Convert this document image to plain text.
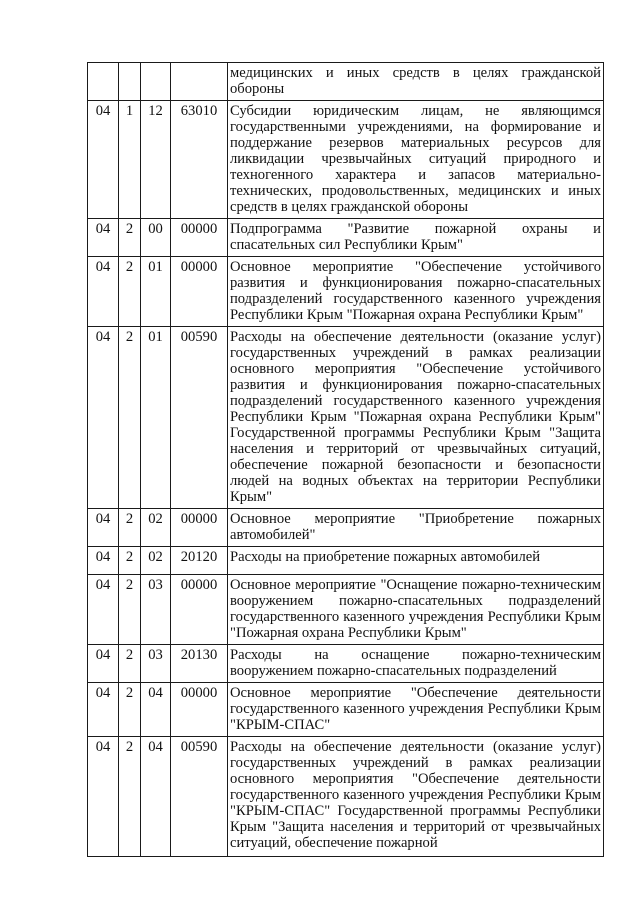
				медицинских и иных средств в целях гражданской обороны
04	1	12	63010	Субсидии юридическим лицам, не являющимся государственными учреждениями, на формирование и поддержание резервов материальных ресурсов для ликвидации чрезвычайных ситуаций природного и техногенного характера и запасов материально-технических, продовольственных, медицинских и иных средств в целях гражданской обороны
04	2	00	00000	Подпрограмма "Развитие пожарной охраны и спасательных сил Республики Крым"
04	2	01	00000	Основное мероприятие "Обеспечение устойчивого развития и функционирования пожарно-спасательных подразделений государственного казенного учреждения Республики Крым "Пожарная охрана Республики Крым"
04	2	01	00590	Расходы на обеспечение деятельности (оказание услуг) государственных учреждений в рамках реализации основного мероприятия "Обеспечение устойчивого развития и функционирования пожарно-спасательных подразделений государственного казенного учреждения Республики Крым "Пожарная охрана Республики Крым" Государственной программы Республики Крым "Защита населения и территорий от чрезвычайных ситуаций, обеспечение пожарной безопасности и безопасности людей на водных объектах на территории Республики Крым"
04	2	02	00000	Основное мероприятие "Приобретение пожарных автомобилей"
04	2	02	20120	Расходы на приобретение пожарных автомобилей
04	2	03	00000	Основное мероприятие "Оснащение пожарно-техническим вооружением пожарно-спасательных подразделений государственного казенного учреждения Республики Крым "Пожарная охрана Республики Крым"
04	2	03	20130	Расходы на оснащение пожарно-техническим вооружением пожарно-спасательных подразделений
04	2	04	00000	Основное мероприятие "Обеспечение деятельности государственного казенного учреждения Республики Крым "КРЫМ-СПАС"
04	2	04	00590	Расходы на обеспечение деятельности (оказание услуг) государственных учреждений в рамках реализации основного мероприятия "Обеспечение деятельности государственного казенного учреждения Республики Крым "КРЫМ-СПАС" Государственной программы Республики Крым "Защита населения и территорий от чрезвычайных ситуаций, обеспечение пожарной
